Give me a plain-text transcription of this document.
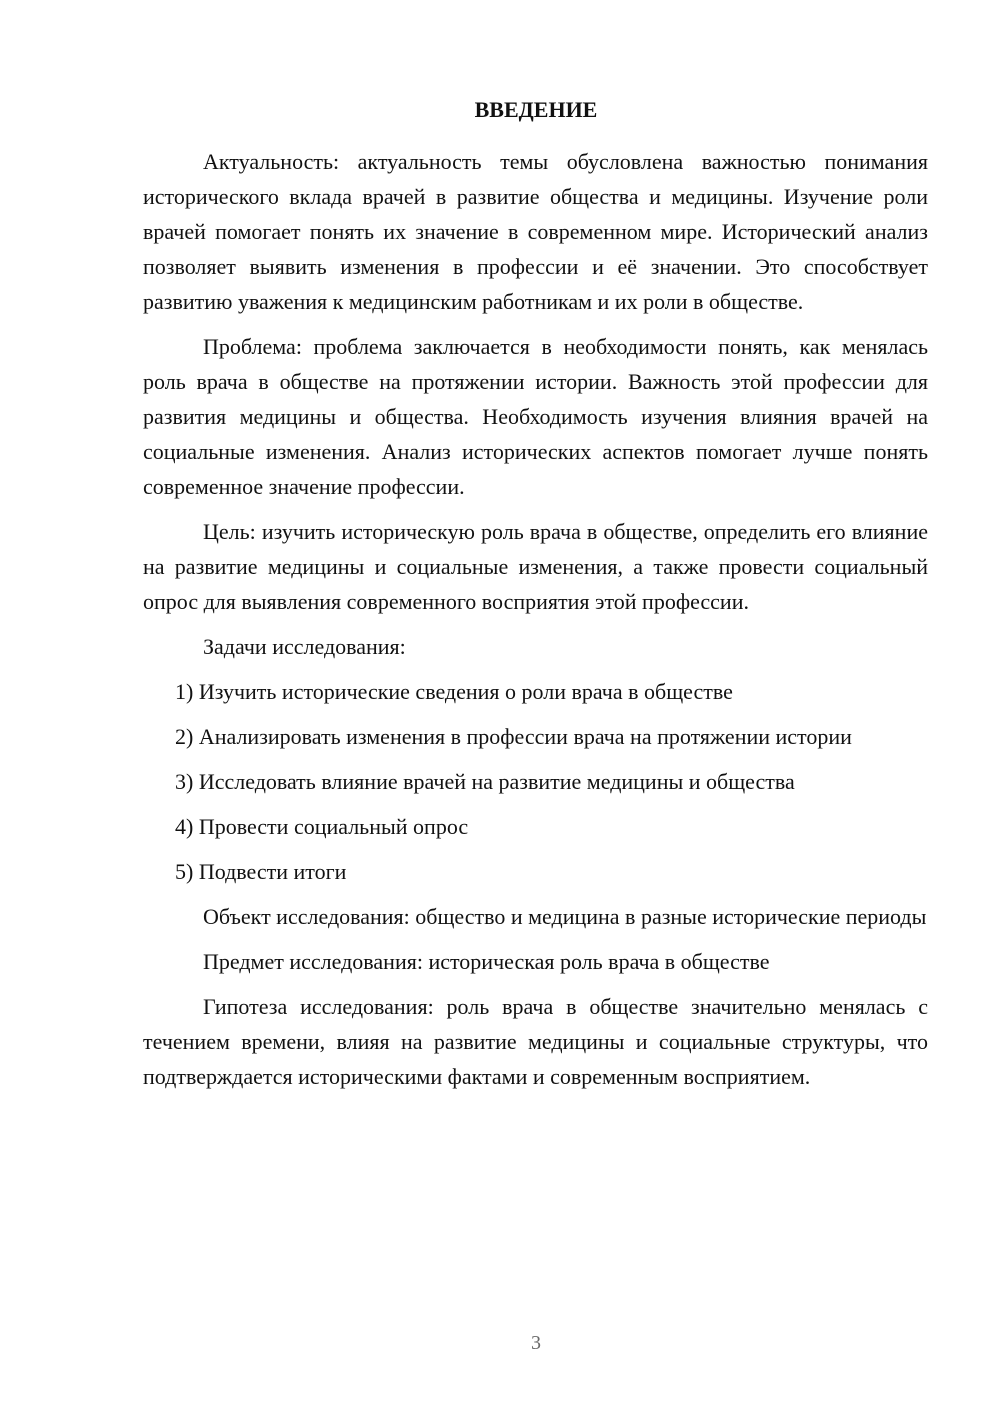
ВВЕДЕНИЕ

Актуальность: актуальность темы обусловлена важностью понимания исторического вклада врачей в развитие общества и медицины. Изучение роли врачей помогает понять их значение в современном мире. Исторический анализ позволяет выявить изменения в профессии и её значении. Это способствует развитию уважения к медицинским работникам и их роли в обществе.

Проблема: проблема заключается в необходимости понять, как менялась роль врача в обществе на протяжении истории. Важность этой профессии для развития медицины и общества. Необходимость изучения влияния врачей на социальные изменения. Анализ исторических аспектов помогает лучше понять современное значение профессии.

Цель: изучить историческую роль врача в обществе, определить его влияние на развитие медицины и социальные изменения, а также провести социальный опрос для выявления современного восприятия этой профессии.

Задачи исследования:

1) Изучить исторические сведения о роли врача в обществе

2) Анализировать изменения в профессии врача на протяжении истории

3) Исследовать влияние врачей на развитие медицины и общества

4) Провести социальный опрос

5) Подвести итоги

Объект исследования: общество и медицина в разные исторические периоды

Предмет исследования: историческая роль врача в обществе

Гипотеза исследования: роль врача в обществе значительно менялась с течением времени, влияя на развитие медицины и социальные структуры, что подтверждается историческими фактами и современным восприятием.

3
